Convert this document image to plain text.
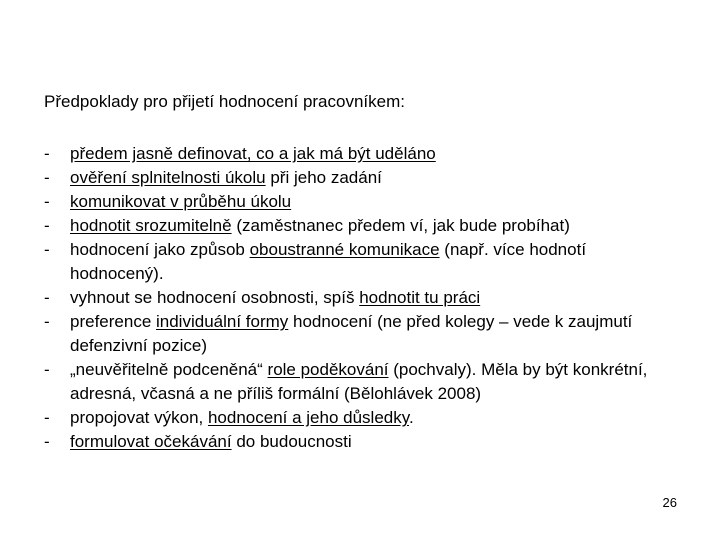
Předpoklady pro přijetí hodnocení pracovníkem:
-	předem jasně definovat, co a jak má být uděláno
-	ověření splnitelnosti úkolu při jeho zadání
-	komunikovat v průběhu úkolu
-	hodnotit srozumitelně (zaměstnanec předem ví, jak bude probíhat)
-	hodnocení jako způsob oboustranné komunikace (např. více hodnotí hodnocený).
-	vyhnout se hodnocení osobnosti, spíš hodnotit tu práci
-	preference individuální formy hodnocení (ne před kolegy – vede k zaujmutí defenzivní pozice)
-	„neuvěřitelně podceněná“ role poděkování (pochvaly). Měla by být konkrétní, adresná, včasná a ne příliš formální (Bělohlávek 2008)
-	propojovat výkon, hodnocení a jeho důsledky.
-	formulovat očekávání do budoucnosti
26
